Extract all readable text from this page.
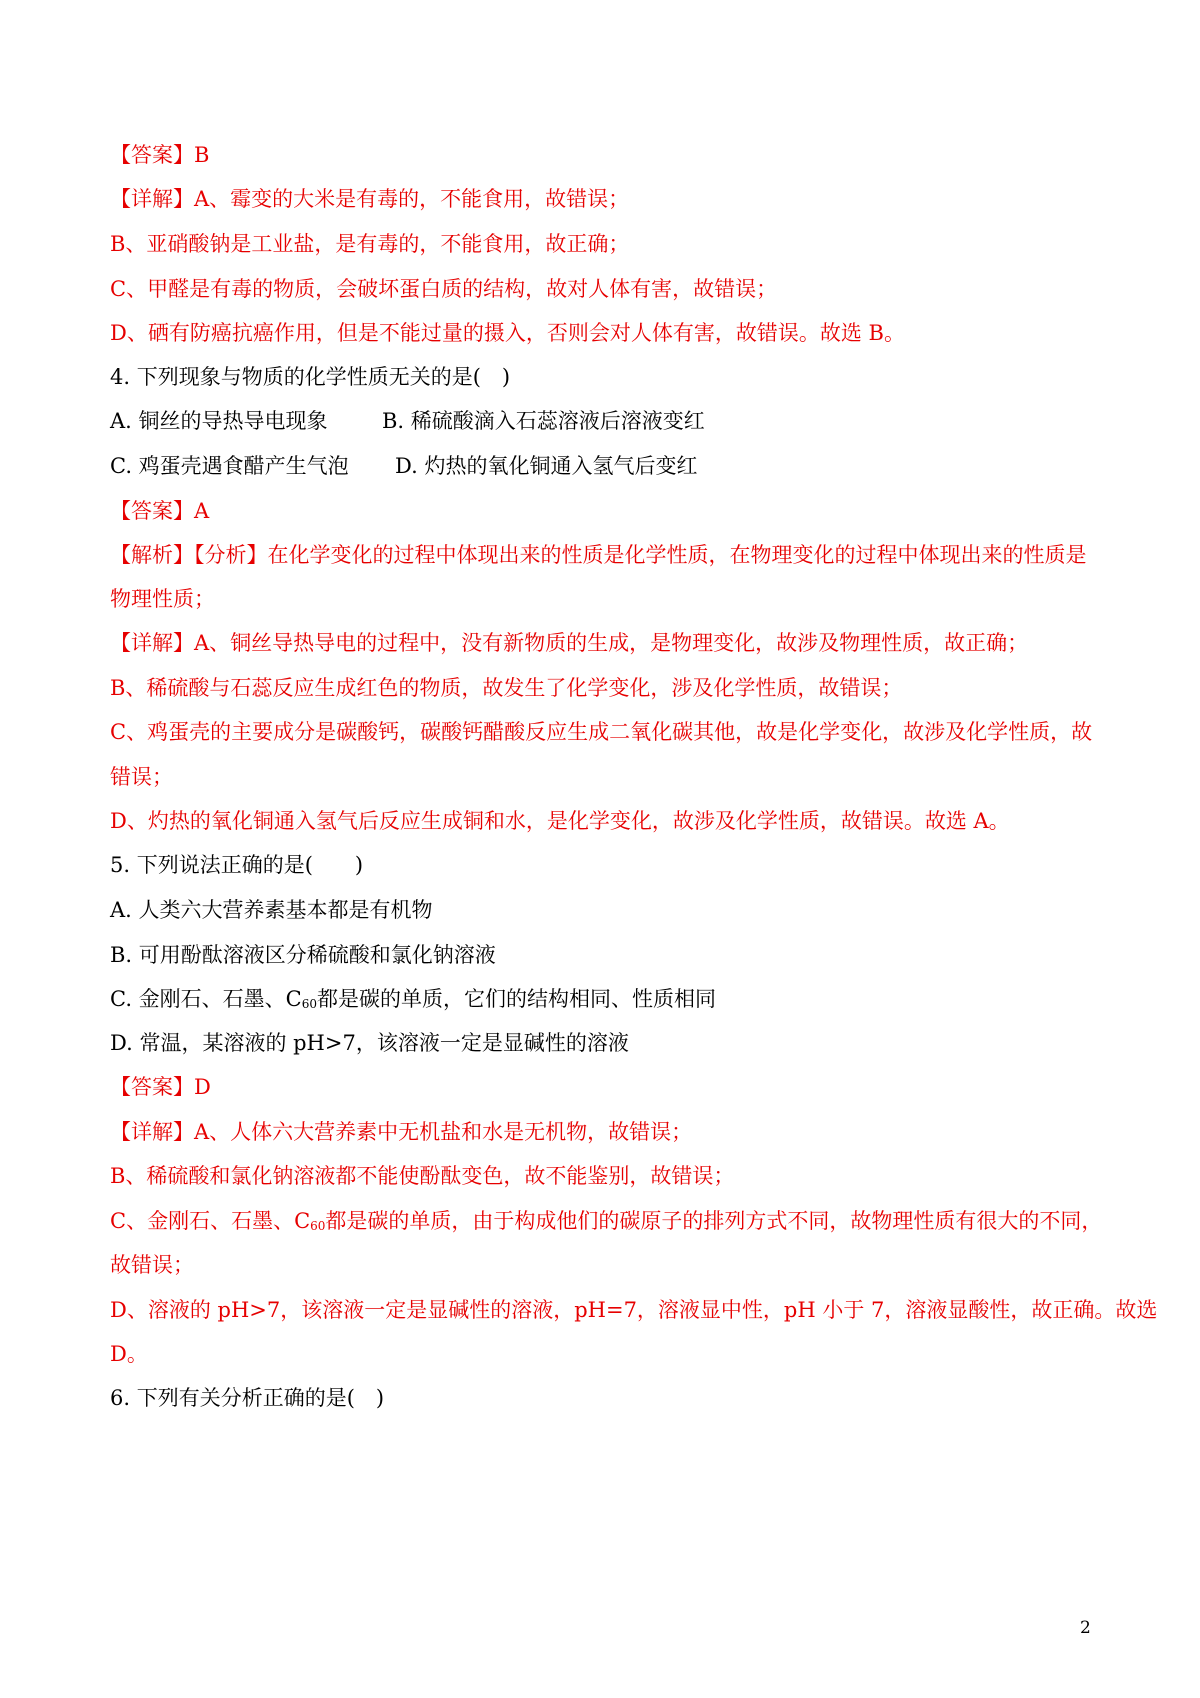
【答案】B
【详解】A、霉变的大米是有毒的，不能食用，故错误；
B、亚硝酸钠是工业盐，是有毒的，不能食用，故正确；
C、甲醛是有毒的物质，会破坏蛋白质的结构，故对人体有害，故错误；
D、硒有防癌抗癌作用，但是不能过量的摄入，否则会对人体有害，故错误。故选 B。
4. 下列现象与物质的化学性质无关的是(　)
A. 铜丝的导热导电现象	B. 稀硫酸滴入石蕊溶液后溶液变红
C. 鸡蛋壳遇食醋产生气泡	D. 灼热的氧化铜通入氢气后变红
【答案】A
【解析】【分析】在化学变化的过程中体现出来的性质是化学性质，在物理变化的过程中体现出来的性质是
物理性质；
【详解】A、铜丝导热导电的过程中，没有新物质的生成，是物理变化，故涉及物理性质，故正确；
B、稀硫酸与石蕊反应生成红色的物质，故发生了化学变化，涉及化学性质，故错误；
C、鸡蛋壳的主要成分是碳酸钙，碳酸钙醋酸反应生成二氧化碳其他，故是化学变化，故涉及化学性质，故
错误；
D、灼热的氧化铜通入氢气后反应生成铜和水，是化学变化，故涉及化学性质，故错误。故选 A。
5. 下列说法正确的是(　　)
A. 人类六大营养素基本都是有机物
B. 可用酚酞溶液区分稀硫酸和氯化钠溶液
C. 金刚石、石墨、C60都是碳的单质，它们的结构相同、性质相同
D. 常温，某溶液的 pH>7，该溶液一定是显碱性的溶液
【答案】D
【详解】A、人体六大营养素中无机盐和水是无机物，故错误；
B、稀硫酸和氯化钠溶液都不能使酚酞变色，故不能鉴别，故错误；
C、金刚石、石墨、C60都是碳的单质，由于构成他们的碳原子的排列方式不同，故物理性质有很大的不同，
故错误；
D、溶液的 pH>7，该溶液一定是显碱性的溶液，pH=7，溶液显中性，pH 小于 7，溶液显酸性，故正确。故选
D。
6. 下列有关分析正确的是(　)
2
